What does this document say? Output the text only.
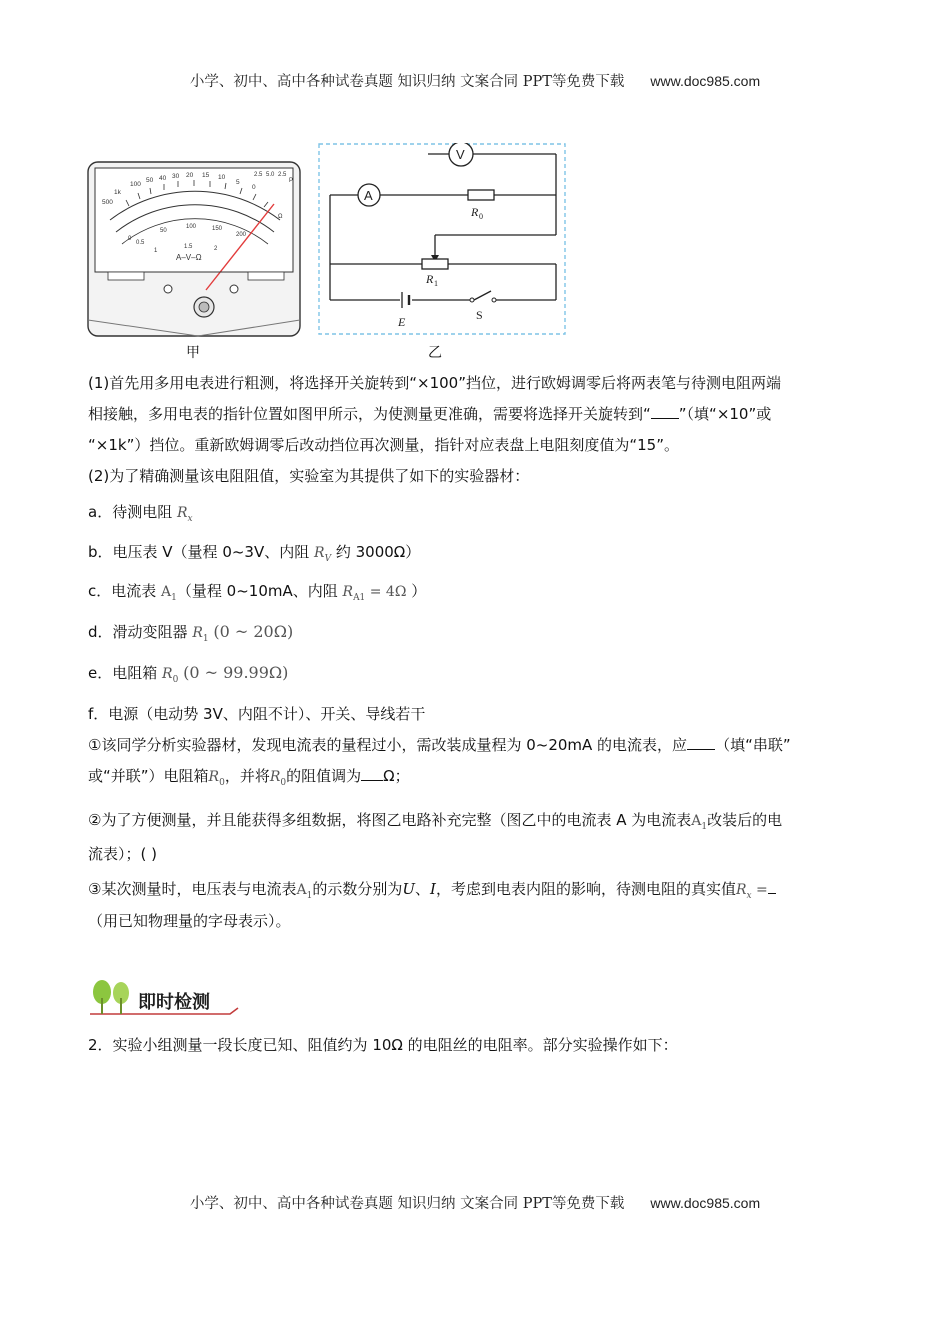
小学、初中、高中各种试卷真题 知识归纳 文案合同 PPT等免费下载 www.doc985.com
500
1k
100
50 40 30 20 15 10
5
0
2.5 5.0 2.5
Ω
P
0
0.5
50
100	150
200
1
1.5	2
A–V–Ω
甲
V
A
R 0
R 1
E	S
乙
(1)首先用多用电表进行粗测，将选择开关旋转到“×100”挡位，进行欧姆调零后将两表笔与待测电阻两端
相接触，多用电表的指针位置如图甲所示，为使测量更准确，需要将选择开关旋转到“ ”（填“×10”或
“×1k”）挡位。重新欧姆调零后改动挡位再次测量，指针对应表盘上电阻刻度值为“15”。
(2)为了精确测量该电阻阻值，实验室为其提供了如下的实验器材：
a．待测电阻 $R_x$
b．电压表 V（量程 0~3V、内阻 $R_V$ 约 3000Ω）
c．电流表 $A_1$（量程 0~10mA、内阻 $R_{A1} = 4\Omega$ ）
d．滑动变阻器 $R_1$ (0 ~ 20Ω)
e．电阻箱 $R_0$ (0 ~ 99.99Ω)
f．电源（电动势 3V、内阻不计）、开关、导线若干
①该同学分析实验器材，发现电流表的量程过小，需改装成量程为 0~20mA 的电流表，应 （填“串联”
或“并联”）电阻箱$R_0$，并将$R_0$的阻值调为 Ω；
②为了方便测量，并且能获得多组数据，将图乙电路补充完整（图乙中的电流表 A 为电流表$A_1$改装后的电
流表）；( )
③某次测量时，电压表与电流表$A_1$的示数分别为U、I，考虑到电表内阻的影响，待测电阻的真实值$R_x$ =
（用已知物理量的字母表示）。
即时检测
2．实验小组测量一段长度已知、阻值约为 10Ω 的电阻丝的电阻率。部分实验操作如下：
小学、初中、高中各种试卷真题 知识归纳 文案合同 PPT等免费下载 www.doc985.com
